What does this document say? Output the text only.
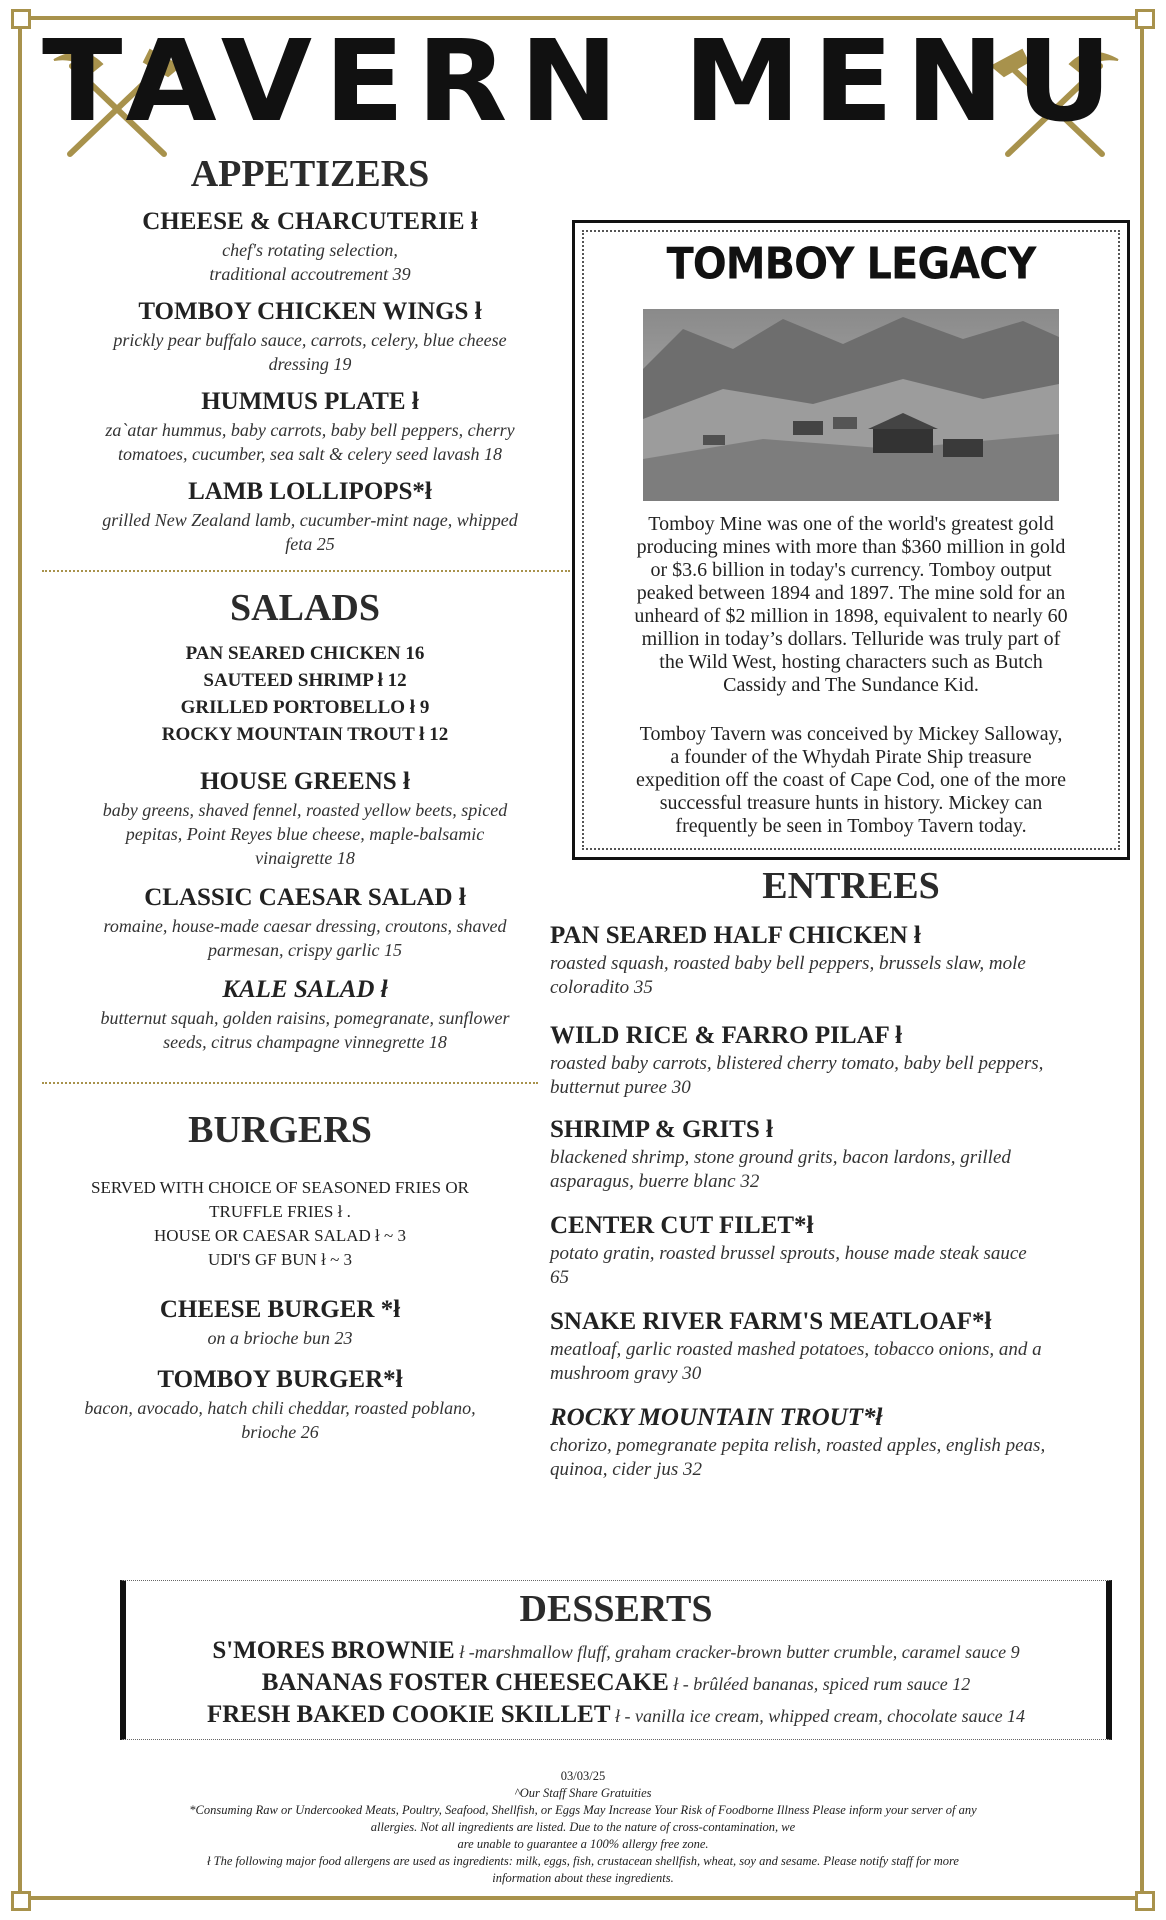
TAVERN MENU

APPETIZERS

CHEESE & CHARCUTERIE ł

chef's rotating selection,
traditional accoutrement 39

TOMBOY CHICKEN WINGS ł

prickly pear buffalo sauce, carrots, celery, blue cheese
dressing 19

HUMMUS PLATE ł

za`atar hummus, baby carrots, baby bell peppers, cherry
tomatoes, cucumber, sea salt & celery seed lavash 18

LAMB LOLLIPOPS*ł

grilled New Zealand lamb, cucumber-mint nage, whipped
feta 25

SALADS

PAN SEARED CHICKEN 16

SAUTEED SHRIMP ł 12

GRILLED PORTOBELLO ł 9

ROCKY MOUNTAIN TROUT ł 12

HOUSE GREENS ł

baby greens, shaved fennel, roasted yellow beets, spiced
pepitas, Point Reyes blue cheese, maple-balsamic
vinaigrette 18

CLASSIC CAESAR SALAD ł

romaine, house-made caesar dressing, croutons, shaved
parmesan, crispy garlic 15

KALE SALAD ł

butternut squah, golden raisins, pomegranate, sunflower
seeds, citrus champagne vinnegrette 18

BURGERS

SERVED WITH CHOICE OF SEASONED FRIES OR
TRUFFLE FRIES ł .
HOUSE OR CAESAR SALAD ł ~ 3
UDI'S GF BUN ł ~ 3

CHEESE BURGER *ł

on a brioche bun 23

TOMBOY BURGER*ł

bacon, avocado, hatch chili cheddar, roasted poblano,
brioche 26

TOMBOY LEGACY
Tomboy Mine was one of the world's greatest gold
producing mines with more than $360 million in gold
or $3.6 billion in today's currency. Tomboy output
peaked between 1894 and 1897. The mine sold for an
unheard of $2 million in 1898, equivalent to nearly 60
million in today’s dollars. Telluride was truly part of
the Wild West, hosting characters such as Butch
Cassidy and The Sundance Kid.
Tomboy Tavern was conceived by Mickey Salloway,
a founder of the Whydah Pirate Ship treasure
expedition off the coast of Cape Cod, one of the more
successful treasure hunts in history. Mickey can
frequently be seen in Tomboy Tavern today.

ENTREES

PAN SEARED HALF CHICKEN ł

roasted squash, roasted baby bell peppers, brussels slaw, mole
coloradito 35

WILD RICE & FARRO PILAF ł

roasted baby carrots, blistered cherry tomato, baby bell peppers,
butternut puree 30

SHRIMP & GRITS ł

blackened shrimp, stone ground grits, bacon lardons, grilled
asparagus, buerre blanc 32

CENTER CUT FILET*ł

potato gratin, roasted brussel sprouts, house made steak sauce
65

SNAKE RIVER FARM'S MEATLOAF*ł

meatloaf, garlic roasted mashed potatoes, tobacco onions, and a
mushroom gravy 30

ROCKY MOUNTAIN TROUT*ł

chorizo, pomegranate pepita relish, roasted apples, english peas,
quinoa, cider jus 32

DESSERTS
S'MORES BROWNIE ł -marshmallow fluff, graham cracker-brown butter crumble, caramel sauce 9
BANANAS FOSTER CHEESECAKE ł - brûléed bananas, spiced rum sauce 12
FRESH BAKED COOKIE SKILLET ł - vanilla ice cream, whipped cream, chocolate sauce 14
03/03/25
^Our Staff Share Gratuities
*Consuming Raw or Undercooked Meats, Poultry, Seafood, Shellfish, or Eggs May Increase Your Risk of Foodborne Illness Please inform your server of any
allergies. Not all ingredients are listed. Due to the nature of cross-contamination, we
are unable to guarantee a 100% allergy free zone.
ł The following major food allergens are used as ingredients: milk, eggs, fish, crustacean shellfish, wheat, soy and sesame. Please notify staff for more
information about these ingredients.
